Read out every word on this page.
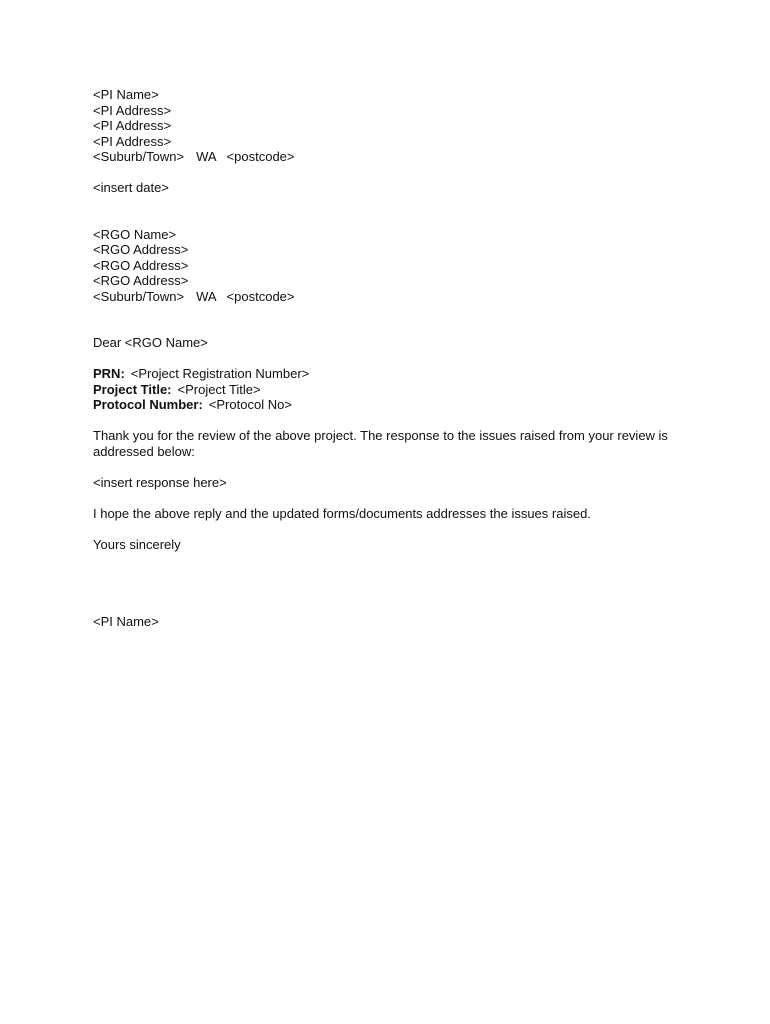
<PI Name>
<PI Address>
<PI Address>
<PI Address>
<Suburb/Town> WA <postcode>
<insert date>
<RGO Name>
<RGO Address>
<RGO Address>
<RGO Address>
<Suburb/Town> WA <postcode>
Dear <RGO Name>
PRN: <Project Registration Number>
Project Title: <Project Title>
Protocol Number: <Protocol No>
Thank you for the review of the above project. The response to the issues raised from your review is addressed below:
<insert response here>
I hope the above reply and the updated forms/documents addresses the issues raised.
Yours sincerely
<PI Name>
